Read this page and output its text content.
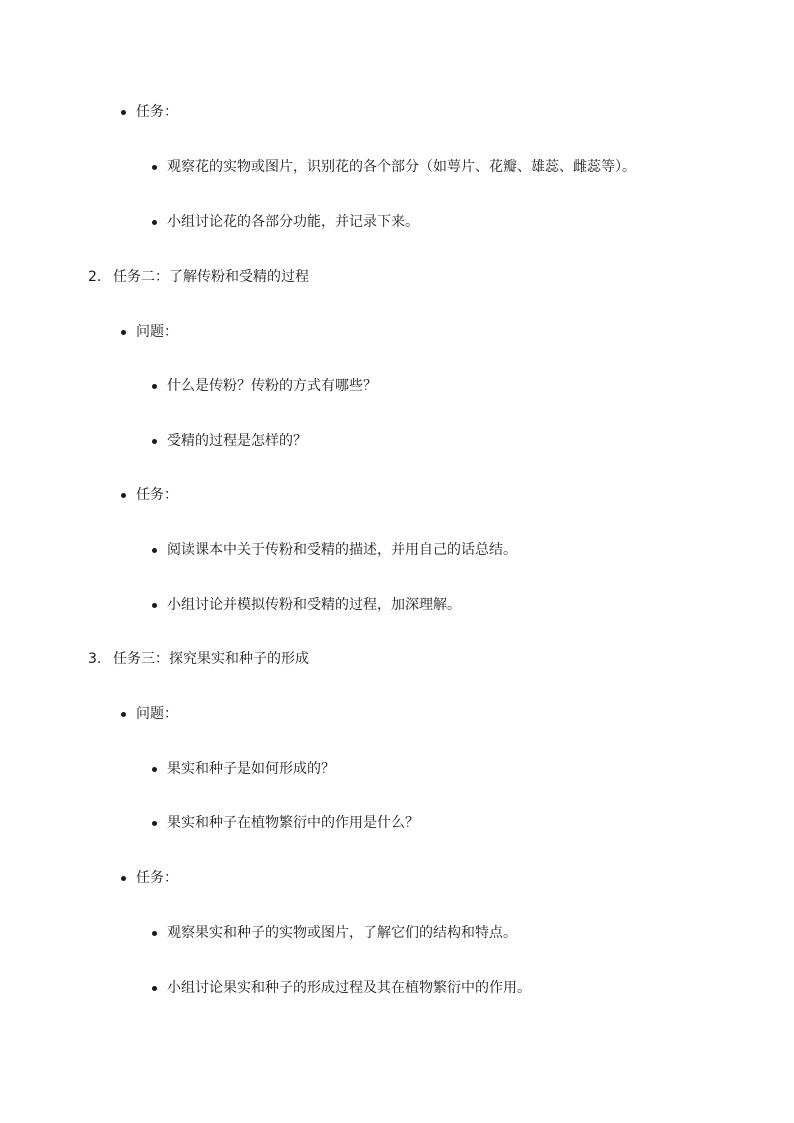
任务：
观察花的实物或图片，识别花的各个部分（如萼片、花瓣、雄蕊、雌蕊等）。
小组讨论花的各部分功能，并记录下来。
2. 任务二：了解传粉和受精的过程
问题：
什么是传粉？传粉的方式有哪些？
受精的过程是怎样的？
任务：
阅读课本中关于传粉和受精的描述，并用自己的话总结。
小组讨论并模拟传粉和受精的过程，加深理解。
3. 任务三：探究果实和种子的形成
问题：
果实和种子是如何形成的？
果实和种子在植物繁衍中的作用是什么？
任务：
观察果实和种子的实物或图片，了解它们的结构和特点。
小组讨论果实和种子的形成过程及其在植物繁衍中的作用。
